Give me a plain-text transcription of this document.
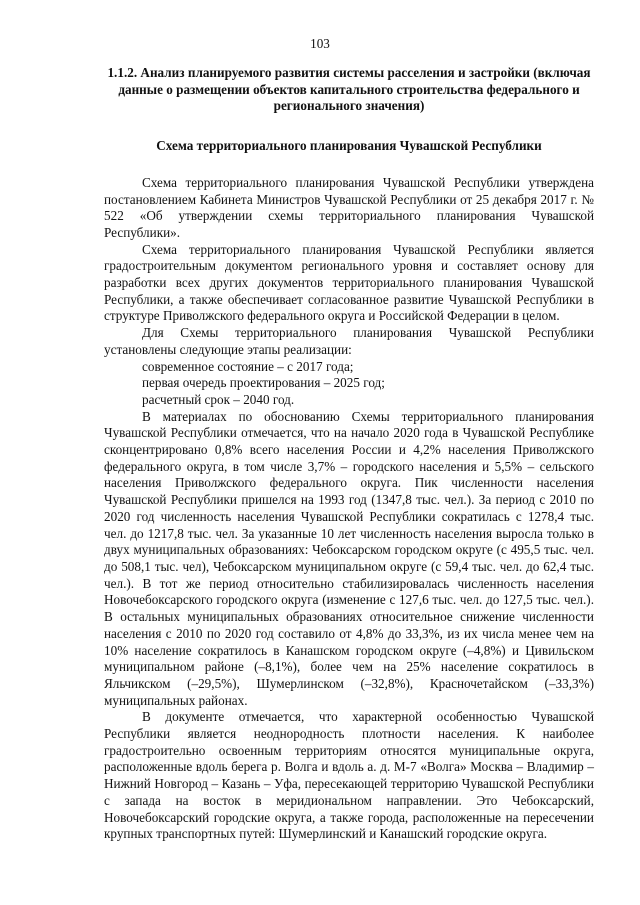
103
1.1.2. Анализ планируемого развития системы расселения и застройки (включая данные о размещении объектов капитального строительства федерального и регионального значения)
Схема территориального планирования Чувашской Республики

Схема территориального планирования Чувашской Республики утверждена постановлением Кабинета Министров Чувашской Республики от 25 декабря 2017 г. № 522 «Об утверждении схемы территориального планирования Чувашской Республики».

Схема территориального планирования Чувашской Республики является градостроительным документом регионального уровня и составляет основу для разработки всех других документов территориального планирования Чувашской Республики, а также обеспечивает согласованное развитие Чувашской Республики в структуре Приволжского федерального округа и Российской Федерации в целом.

Для Схемы территориального планирования Чувашской Республики установлены следующие этапы реализации:

современное состояние – с 2017 года;

первая очередь проектирования – 2025 год;

расчетный срок – 2040 год.

В материалах по обоснованию Схемы территориального планирования Чувашской Республики отмечается, что на начало 2020 года в Чувашской Республике сконцентрировано 0,8% всего населения России и 4,2% населения Приволжского федерального округа, в том числе 3,7% – городского населения и 5,5% – сельского населения Приволжского федерального округа. Пик численности населения Чувашской Республики пришелся на 1993 год (1347,8 тыс. чел.). За период с 2010 по 2020 год численность населения Чувашской Республики сократилась с 1278,4 тыс. чел. до 1217,8 тыс. чел. За указанные 10 лет численность населения выросла только в двух муниципальных образованиях: Чебоксарском городском округе (с 495,5 тыс. чел. до 508,1 тыс. чел), Чебоксарском муниципальном округе (с 59,4 тыс. чел. до 62,4 тыс. чел.). В тот же период относительно стабилизировалась численность населения Новочебоксарского городского округа (изменение с 127,6 тыс. чел. до 127,5 тыс. чел.). В остальных муниципальных образованиях относительное снижение численности населения с 2010 по 2020 год составило от 4,8% до 33,3%, из их числа менее чем на 10% население сократилось в Канашском городском округе (–4,8%) и Цивильском муниципальном районе (–8,1%), более чем на 25% население сократилось в Яльчикском (–29,5%), Шумерлинском (–32,8%), Красночетайском (–33,3%) муниципальных районах.

В документе отмечается, что характерной особенностью Чувашской Республики является неоднородность плотности населения. К наиболее градостроительно освоенным территориям относятся муниципальные округа, расположенные вдоль берега р. Волга и вдоль а. д. М-7 «Волга» Москва – Владимир – Нижний Новгород – Казань – Уфа, пересекающей территорию Чувашской Республики с запада на восток в меридиональном направлении. Это Чебоксарский, Новочебоксарский городские округа, а также города, расположенные на пересечении крупных транспортных путей: Шумерлинский и Канашский городские округа.
